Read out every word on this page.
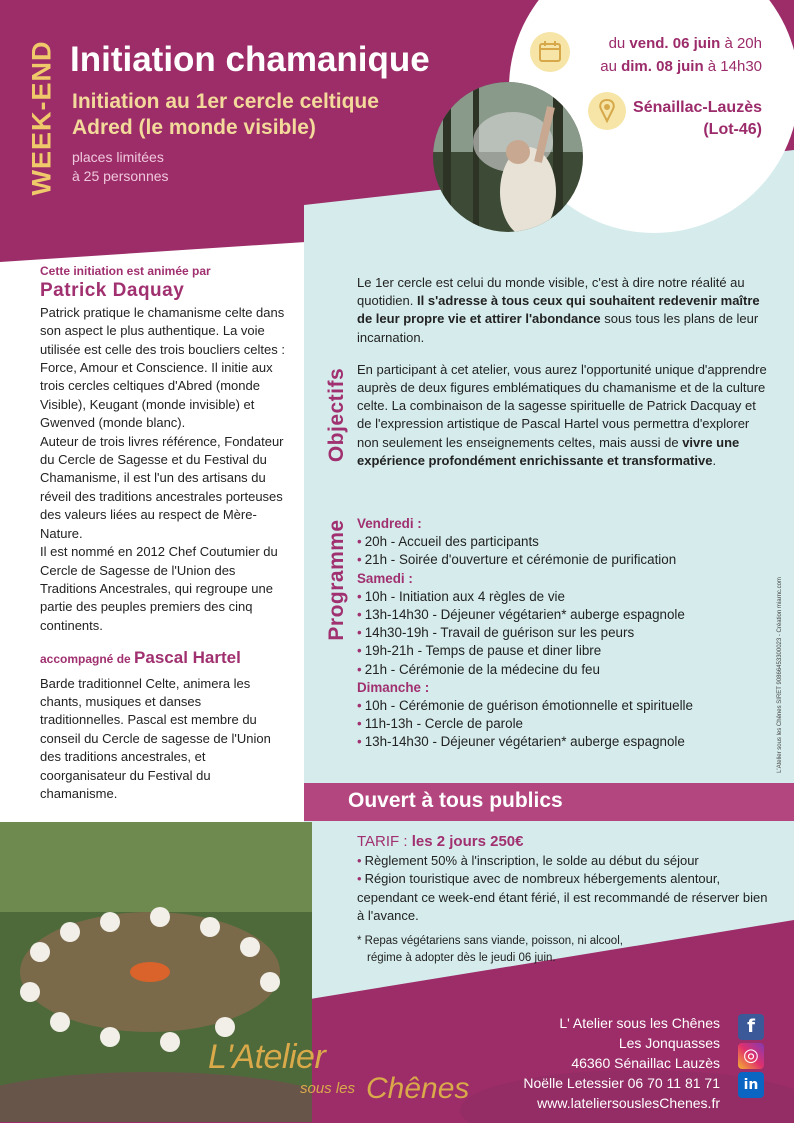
WEEK-END Initiation chamanique
Initiation au 1er cercle celtique
Adred (le monde visible)
places limitées
à 25 personnes
du vend. 06 juin à 20h
au dim. 08 juin à 14h30
Sénaillac-Lauzès
(Lot-46)
Cette initiation est animée par
Patrick Daquay
Patrick pratique le chamanisme celte dans son aspect le plus authentique. La voie utilisée est celle des trois boucliers celtes : Force, Amour et Conscience. Il initie aux trois cercles celtiques d'Abred (monde Visible), Keugant (monde invisible) et Gwenved (monde blanc).
Auteur de trois livres référence, Fondateur du Cercle de Sagesse et du Festival du Chamanisme, il est l'un des artisans du réveil des traditions ancestrales porteuses des valeurs liées au respect de Mère-Nature.
Il est nommé en 2012 Chef Coutumier du Cercle de Sagesse de l'Union des Traditions Ancestrales, qui regroupe une partie des peuples premiers des cinq continents.
accompagné de Pascal Hartel
Barde traditionnel Celte, animera les chants, musiques et danses traditionnelles. Pascal est membre du conseil du Cercle de sagesse de l'Union des traditions ancestrales, et coorganisateur du Festival du chamanisme.
Objectifs
Programme

Le 1er cercle est celui du monde visible, c'est à dire notre réalité au quotidien. Il s'adresse à tous ceux qui souhaitent redevenir maître de leur propre vie et attirer l'abondance sous tous les plans de leur incarnation.

En participant à cet atelier, vous aurez l'opportunité unique d'apprendre auprès de deux figures emblématiques du chamanisme et de la culture celte. La combinaison de la sagesse spirituelle de Patrick Dacquay et de l'expression artistique de Pascal Hartel vous permettra d'explorer non seulement les enseignements celtes, mais aussi de vivre une expérience profondément enrichissante et transformative.

Vendredi :
• 20h - Accueil des participants
• 21h - Soirée d'ouverture et cérémonie de purification
Samedi :
• 10h - Initiation aux 4 règles de vie
• 13h-14h30 - Déjeuner végétarien* auberge espagnole
• 14h30-19h - Travail de guérison sur les peurs
• 19h-21h - Temps de pause et diner libre
• 21h - Cérémonie de la médecine du feu
Dimanche :
• 10h - Cérémonie de guérison émotionnelle et spirituelle
• 11h-13h - Cercle de parole
• 13h-14h30 - Déjeuner végétarien* auberge espagnole
Ouvert à tous publics
TARIF : les 2 jours 250€
• Règlement 50% à l'inscription, le solde au début du séjour
• Région touristique avec de nombreux hébergements alentour, cependant ce week-end étant férié, il est recommandé de réserver bien à l'avance.
* Repas végétariens sans viande, poisson, ni alcool,
régime à adopter dès le jeudi 06 juin.
L'Atelier
sous les Chênes
L' Atelier sous les Chênes
Les Jonquasses
46360 Sénaillac Lauzès
Noëlle Letessier 06 70 11 81 71
www.lateliersouslesChenes.fr
f
◎
in
L'Atelier sous les Chênes SIRET 90866453300023 - Création miarnc.com
